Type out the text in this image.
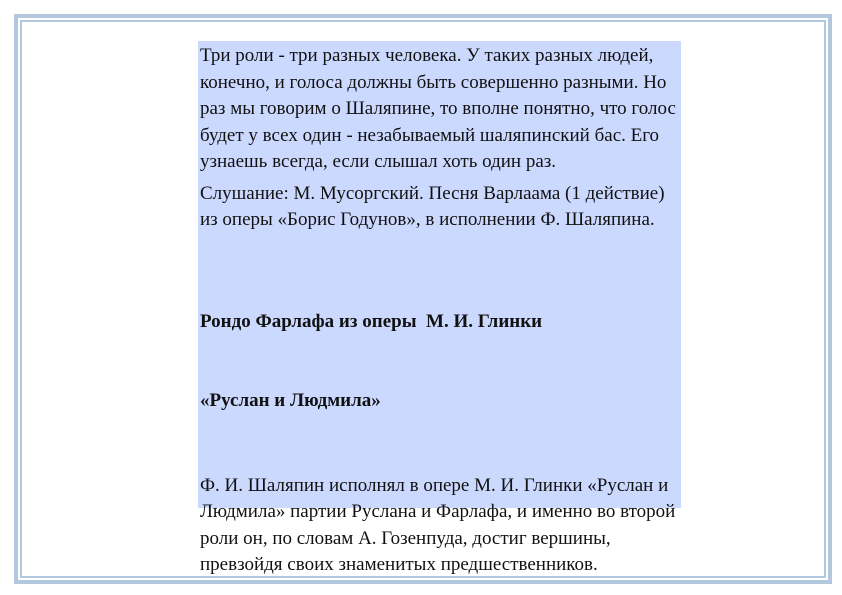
Три роли - три разных человека. У таких разных людей, конечно, и голоса должны быть совершенно разными. Но раз мы говорим о Шаляпине, то вполне понятно, что голос будет у всех один - незабываемый шаляпинский бас. Его узнаешь всегда, если слышал хоть один раз.

Слушание: М. Мусоргский. Песня Варлаама (1 действие) из оперы «Борис Годунов», в исполнении Ф. Шаляпина.

Рондо Фарлафа из оперы  М. И. Глинки

«Руслан и Людмила»

Ф. И. Шаляпин исполнял в опере М. И. Глинки «Руслан и Людмила» партии Руслана и Фарлафа, и именно во второй роли он, по словам А. Гозенпуда, достиг вершины, превзойдя своих знаменитых предшественников.
